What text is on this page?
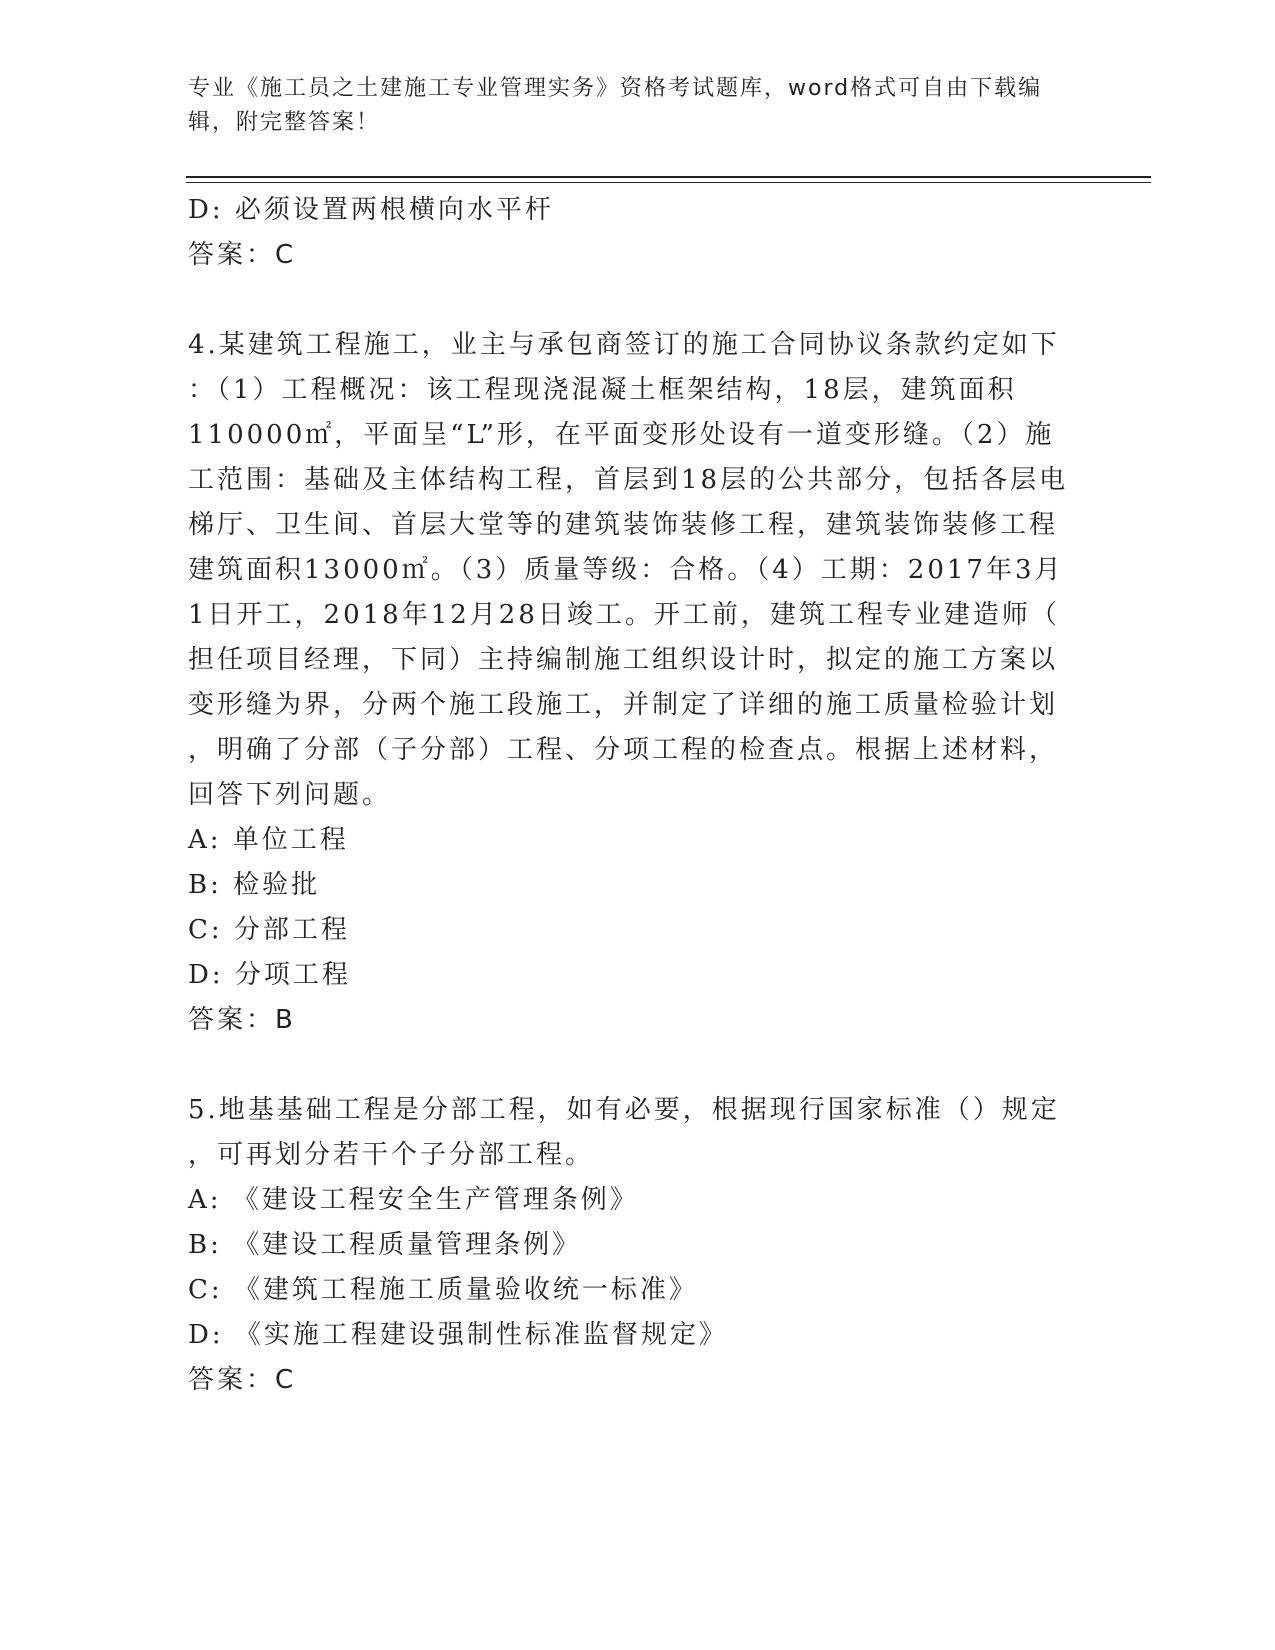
专业《施工员之土建施工专业管理实务》资格考试题库，word格式可自由下载编
辑，附完整答案！
D: 必须设置两根横向水平杆
答案：C
4.某建筑工程施工，业主与承包商签订的施工合同协议条款约定如下
：（1）工程概况：该工程现浇混凝土框架结构，18层，建筑面积
110000㎡，平面呈“L”形，在平面变形处设有一道变形缝。（2）施
工范围：基础及主体结构工程，首层到18层的公共部分，包括各层电
梯厅、卫生间、首层大堂等的建筑装饰装修工程，建筑装饰装修工程
建筑面积13000㎡。（3）质量等级：合格。（4）工期：2017年3月
1日开工，2018年12月28日竣工。开工前，建筑工程专业建造师（
担任项目经理，下同）主持编制施工组织设计时，拟定的施工方案以
变形缝为界，分两个施工段施工，并制定了详细的施工质量检验计划
，明确了分部（子分部）工程、分项工程的检查点。根据上述材料，
回答下列问题。
A: 单位工程
B: 检验批
C: 分部工程
D: 分项工程
答案：B
5.地基基础工程是分部工程，如有必要，根据现行国家标准（）规定
，可再划分若干个子分部工程。
A: 《建设工程安全生产管理条例》
B: 《建设工程质量管理条例》
C: 《建筑工程施工质量验收统一标准》
D: 《实施工程建设强制性标准监督规定》
答案：C
